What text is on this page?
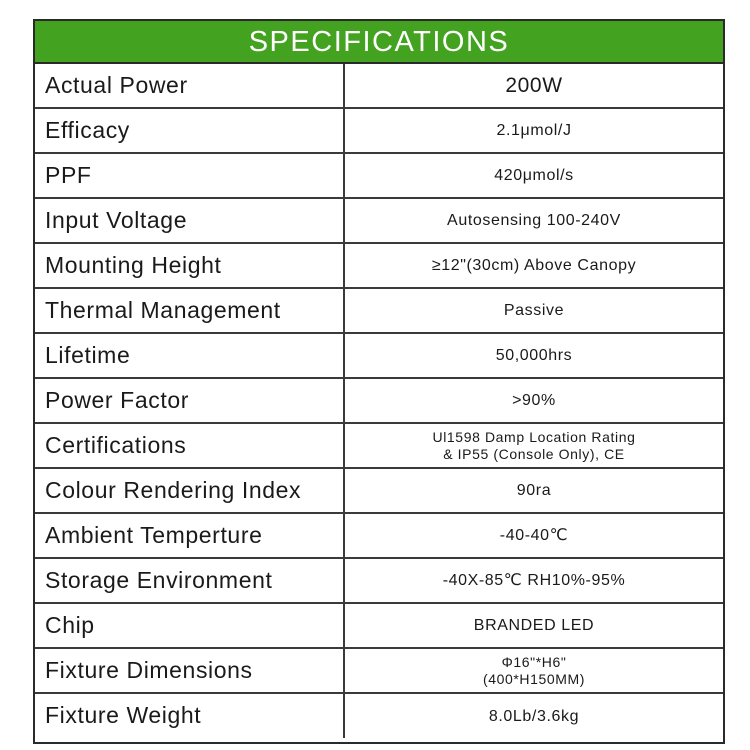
SPECIFICATIONS
Actual Power	200W
Efficacy	2.1μmol/J
PPF	420μmol/s
Input Voltage	Autosensing 100-240V
Mounting Height	≥12"(30cm) Above Canopy
Thermal Management	Passive
Lifetime	50,000hrs
Power Factor	>90%
Certifications	Ul1598 Damp Location Rating
& IP55 (Console Only), CE
Colour Rendering Index	90ra
Ambient Temperture	-40-40℃
Storage Environment	-40X-85℃ RH10%-95%
Chip	BRANDED LED
Fixture Dimensions	Φ16"*H6"
(400*H150MM)
Fixture Weight	8.0Lb/3.6kg
